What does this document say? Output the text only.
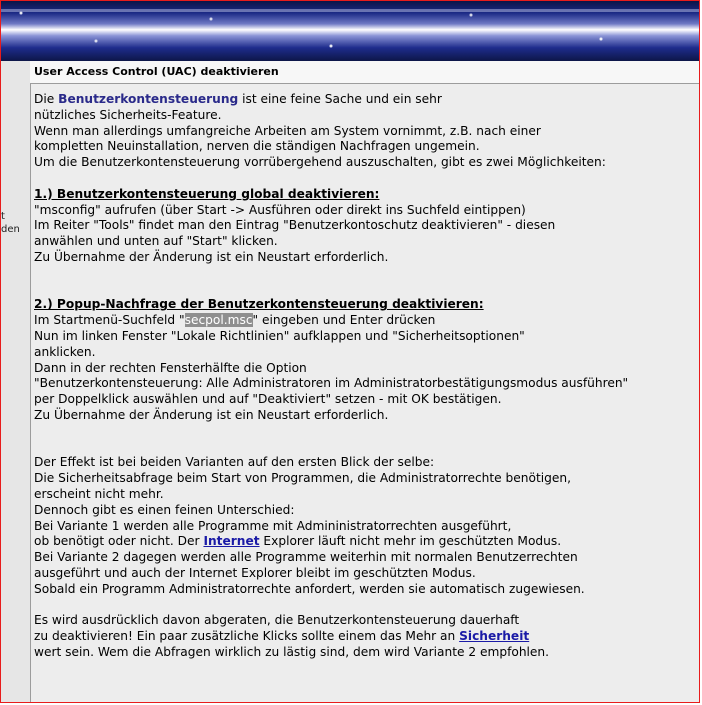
t
den
User Access Control (UAC) deaktivieren
Die Benutzerkontensteuerung ist eine feine Sache und ein sehr
nützliches Sicherheits-Feature.
Wenn man allerdings umfangreiche Arbeiten am System vornimmt, z.B. nach einer
kompletten Neuinstallation, nerven die ständigen Nachfragen ungemein.
Um die Benutzerkontensteuerung vorrübergehend auszuschalten, gibt es zwei Möglichkeiten:
1.) Benutzerkontensteuerung global deaktivieren:
"msconfig" aufrufen (über Start -> Ausführen oder direkt ins Suchfeld eintippen)
Im Reiter "Tools" findet man den Eintrag "Benutzerkontoschutz deaktivieren" - diesen
anwählen und unten auf "Start" klicken.
Zu Übernahme der Änderung ist ein Neustart erforderlich.
2.) Popup-Nachfrage der Benutzerkontensteuerung deaktivieren:
Im Startmenü-Suchfeld "secpol.msc" eingeben und Enter drücken
Nun im linken Fenster "Lokale Richtlinien" aufklappen und "Sicherheitsoptionen"
anklicken.
Dann in der rechten Fensterhälfte die Option
"Benutzerkontensteuerung: Alle Administratoren im Administratorbestätigungsmodus ausführen"
per Doppelklick auswählen und auf "Deaktiviert" setzen - mit OK bestätigen.
Zu Übernahme der Änderung ist ein Neustart erforderlich.
Der Effekt ist bei beiden Varianten auf den ersten Blick der selbe:
Die Sicherheitsabfrage beim Start von Programmen, die Administratorrechte benötigen,
erscheint nicht mehr.
Dennoch gibt es einen feinen Unterschied:
Bei Variante 1 werden alle Programme mit Admininistratorrechten ausgeführt,
ob benötigt oder nicht. Der Internet Explorer läuft nicht mehr im geschützten Modus.
Bei Variante 2 dagegen werden alle Programme weiterhin mit normalen Benutzerrechten
ausgeführt und auch der Internet Explorer bleibt im geschützten Modus.
Sobald ein Programm Administratorrechte anfordert, werden sie automatisch zugewiesen.
Es wird ausdrücklich davon abgeraten, die Benutzerkontensteuerung dauerhaft
zu deaktivieren! Ein paar zusätzliche Klicks sollte einem das Mehr an Sicherheit
wert sein. Wem die Abfragen wirklich zu lästig sind, dem wird Variante 2 empfohlen.
